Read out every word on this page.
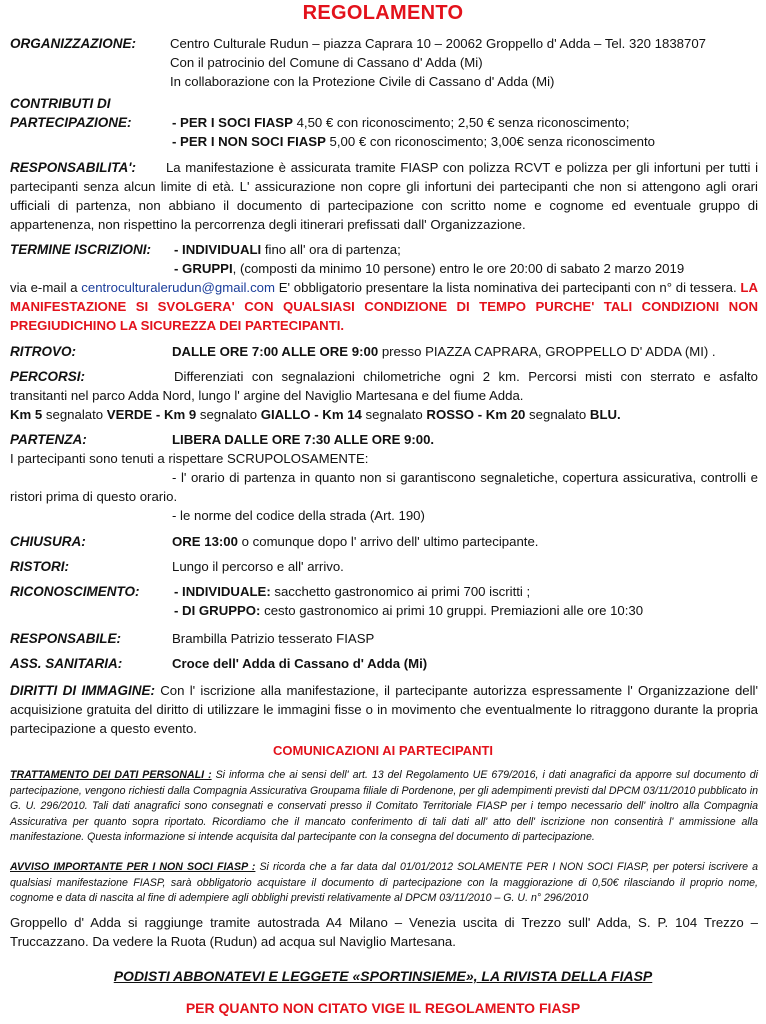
REGOLAMENTO
ORGANIZZAZIONE:	Centro Culturale Rudun – piazza Caprara 10 – 20062 Groppello d' Adda – Tel. 320 1838707
Con il patrocinio del Comune di Cassano d' Adda (Mi)
In collaborazione con la Protezione Civile di Cassano d' Adda (Mi)
CONTRIBUTI DI
PARTECIPAZIONE:	- PER I SOCI FIASP 4,50 € con riconoscimento; 2,50 € senza riconoscimento;
- PER I NON SOCI FIASP 5,00 € con riconoscimento; 3,00€ senza riconoscimento
RESPONSABILITA': La manifestazione è assicurata tramite FIASP con polizza RCVT e polizza per gli infortuni per tutti i partecipanti senza alcun limite di età. L' assicurazione non copre gli infortuni dei partecipanti che non si attengono agli orari ufficiali di partenza, non abbiano il documento di partecipazione con scritto nome e cognome ed eventuale gruppo di appartenenza, non rispettino la percorrenza degli itinerari prefissati dall' Organizzazione.
TERMINE ISCRIZIONI: - INDIVIDUALI fino all' ora di partenza;
- GRUPPI, (composti da minimo 10 persone) entro le ore 20:00 di sabato 2 marzo 2019
via e-mail a centroculturalerudun@gmail.com E' obbligatorio presentare la lista nominativa dei partecipanti con n° di tessera. LA MANIFESTAZIONE SI SVOLGERA' CON QUALSIASI CONDIZIONE DI TEMPO PURCHE' TALI CONDIZIONI NON PREGIUDICHINO LA SICUREZZA DEI PARTECIPANTI.
RITROVO:	DALLE ORE 7:00 ALLE ORE 9:00 presso PIAZZA CAPRARA, GROPPELLO D' ADDA (MI) .
PERCORSI:	Differenziati con segnalazioni chilometriche ogni 2 km. Percorsi misti con sterrato e asfalto transitanti nel parco Adda Nord, lungo l' argine del Naviglio Martesana e del fiume Adda.
Km 5 segnalato VERDE - Km 9 segnalato GIALLO - Km 14 segnalato ROSSO - Km 20 segnalato BLU.
PARTENZA:	LIBERA DALLE ORE 7:30 ALLE ORE 9:00.
I partecipanti sono tenuti a rispettare SCRUPOLOSAMENTE:
- l' orario di partenza in quanto non si garantiscono segnaletiche, copertura assicurativa, controlli e ristori prima di questo orario.
- le norme del codice della strada (Art. 190)
CHIUSURA:	ORE 13:00 o comunque dopo l' arrivo dell' ultimo partecipante.
RISTORI:	Lungo il percorso e all' arrivo.
RICONOSCIMENTO:	- INDIVIDUALE: sacchetto gastronomico ai primi 700 iscritti ;
- DI GRUPPO: cesto gastronomico ai primi 10 gruppi. Premiazioni alle ore 10:30
RESPONSABILE:	Brambilla Patrizio tesserato FIASP
ASS. SANITARIA:	Croce dell' Adda di Cassano d' Adda (Mi)
DIRITTI DI IMMAGINE: Con l' iscrizione alla manifestazione, il partecipante autorizza espressamente l' Organizzazione dell' acquisizione gratuita del diritto di utilizzare le immagini fisse o in movimento che eventualmente lo ritraggono durante la propria partecipazione a questo evento.
COMUNICAZIONI AI PARTECIPANTI
TRATTAMENTO DEI DATI PERSONALI : Si informa che ai sensi dell' art. 13 del Regolamento UE 679/2016, i dati anagrafici da apporre sul documento di partecipazione, vengono richiesti dalla Compagnia Assicurativa Groupama filiale di Pordenone, per gli adempimenti previsti dal DPCM 03/11/2010 pubblicato in G. U. 296/2010. Tali dati anagrafici sono consegnati e conservati presso il Comitato Territoriale FIASP per i tempo necessario dell' inoltro alla Compagnia Assicurativa per quanto sopra riportato. Ricordiamo che il mancato conferimento di tali dati all' atto dell' iscrizione non consentirà l' ammissione alla manifestazione. Questa informazione si intende acquisita dal partecipante con la consegna del documento di partecipazione.
AVVISO IMPORTANTE PER I NON SOCI FIASP : Si ricorda che a far data dal 01/01/2012 SOLAMENTE PER I NON SOCI FIASP, per potersi iscrivere a qualsiasi manifestazione FIASP, sarà obbligatorio acquistare il documento di partecipazione con la maggiorazione di 0,50€ rilasciando il proprio nome, cognome e data di nascita al fine di adempiere agli obblighi previsti relativamente al DPCM 03/11/2010 – G. U. n° 296/2010
Groppello d' Adda si raggiunge tramite autostrada A4 Milano – Venezia uscita di Trezzo sull' Adda, S. P. 104 Trezzo – Truccazzano. Da vedere la Ruota (Rudun) ad acqua sul Naviglio Martesana.
PODISTI ABBONATEVI E LEGGETE «SPORTINSIEME», LA RIVISTA DELLA FIASP
PER QUANTO NON CITATO VIGE IL REGOLAMENTO FIASP
